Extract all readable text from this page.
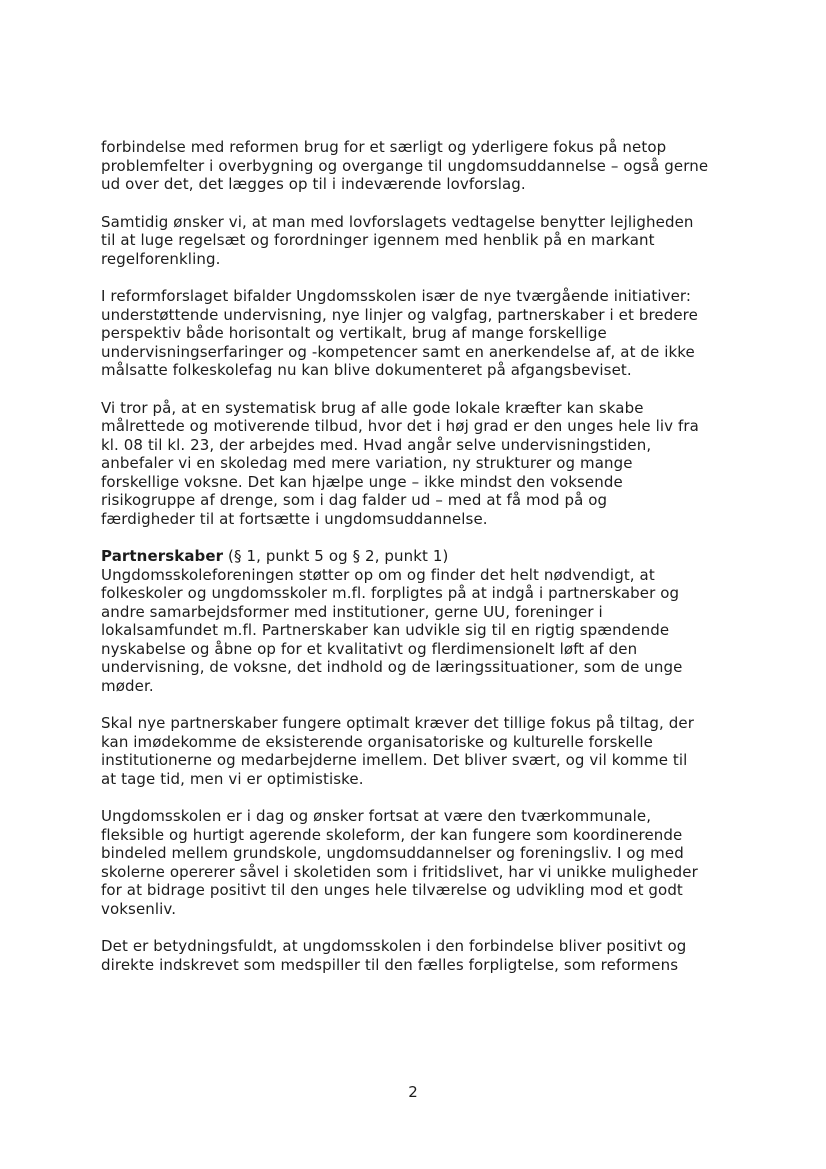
forbindelse med reformen brug for et særligt og yderligere fokus på netop
problemfelter i overbygning og overgange til ungdomsuddannelse – også gerne
ud over det, det lægges op til i indeværende lovforslag.

Samtidig ønsker vi, at man med lovforslagets vedtagelse benytter lejligheden
til at luge regelsæt og forordninger igennem med henblik på en markant
regelforenkling.

I reformforslaget bifalder Ungdomsskolen især de nye tværgående initiativer:
understøttende undervisning, nye linjer og valgfag, partnerskaber i et bredere
perspektiv både horisontalt og vertikalt, brug af mange forskellige
undervisningserfaringer og -kompetencer samt en anerkendelse af, at de ikke
målsatte folkeskolefag nu kan blive dokumenteret på afgangsbeviset.

Vi tror på, at en systematisk brug af alle gode lokale kræfter kan skabe
målrettede og motiverende tilbud, hvor det i høj grad er den unges hele liv fra
kl. 08 til kl. 23, der arbejdes med. Hvad angår selve undervisningstiden,
anbefaler vi en skoledag med mere variation, ny strukturer og mange
forskellige voksne. Det kan hjælpe unge – ikke mindst den voksende
risikogruppe af drenge, som i dag falder ud – med at få mod på og
færdigheder til at fortsætte i ungdomsuddannelse.

Partnerskaber (§ 1, punkt 5 og § 2, punkt 1)
Ungdomsskoleforeningen støtter op om og finder det helt nødvendigt, at
folkeskoler og ungdomsskoler m.fl. forpligtes på at indgå i partnerskaber og
andre samarbejdsformer med institutioner, gerne UU, foreninger i
lokalsamfundet m.fl. Partnerskaber kan udvikle sig til en rigtig spændende
nyskabelse og åbne op for et kvalitativt og flerdimensionelt løft af den
undervisning, de voksne, det indhold og de læringssituationer, som de unge
møder.

Skal nye partnerskaber fungere optimalt kræver det tillige fokus på tiltag, der
kan imødekomme de eksisterende organisatoriske og kulturelle forskelle
institutionerne og medarbejderne imellem. Det bliver svært, og vil komme til
at tage tid, men vi er optimistiske.

Ungdomsskolen er i dag og ønsker fortsat at være den tværkommunale,
fleksible og hurtigt agerende skoleform, der kan fungere som koordinerende
bindeled mellem grundskole, ungdomsuddannelser og foreningsliv. I og med
skolerne opererer såvel i skoletiden som i fritidslivet, har vi unikke muligheder
for at bidrage positivt til den unges hele tilværelse og udvikling mod et godt
voksenliv.

Det er betydningsfuldt, at ungdomsskolen i den forbindelse bliver positivt og
direkte indskrevet som medspiller til den fælles forpligtelse, som reformens

2
